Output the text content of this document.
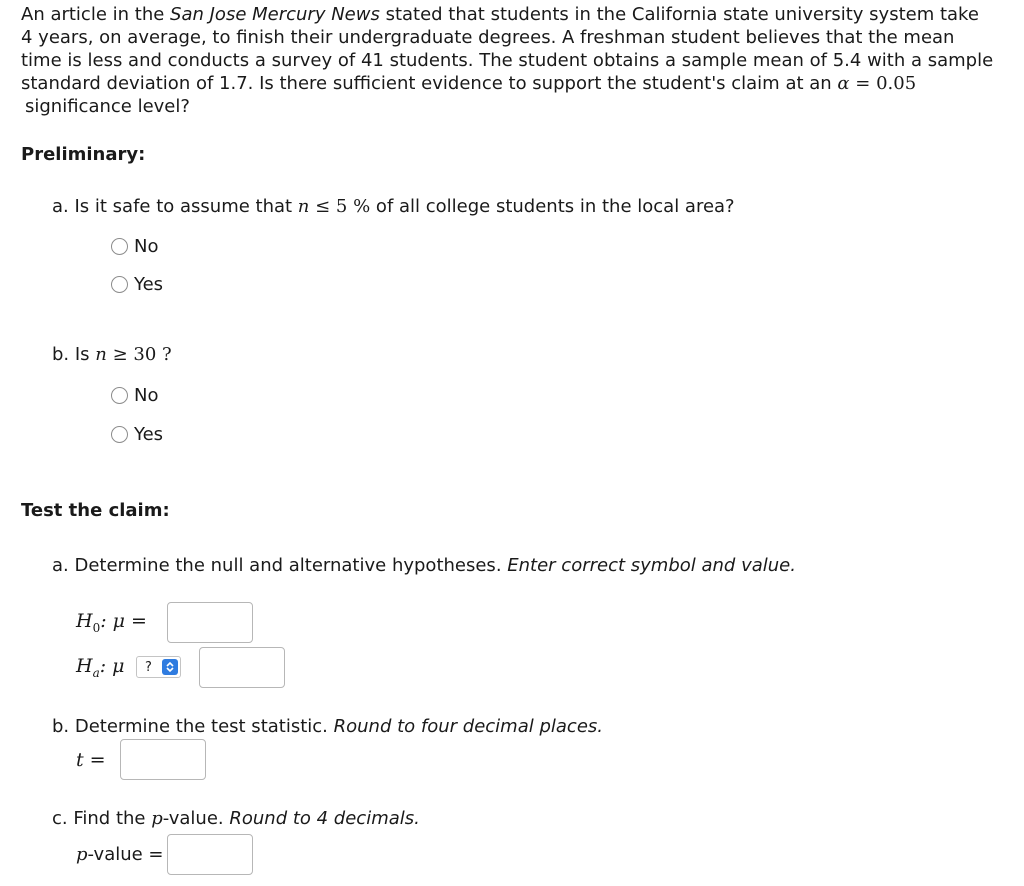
An article in the San Jose Mercury News stated that students in the California state university system take
4 years, on average, to finish their undergraduate degrees. A freshman student believes that the mean
time is less and conducts a survey of 41 students. The student obtains a sample mean of 5.4 with a sample
standard deviation of 1.7. Is there sufficient evidence to support the student's claim at an α = 0.05
significance level?
Preliminary:
a. Is it safe to assume that n ≤ 5 % of all college students in the local area?
No
Yes
b. Is n ≥ 30 ?
No
Yes
Test the claim:
a. Determine the null and alternative hypotheses. Enter correct symbol and value.
$H_0$: μ =
$H_a$: μ	?
b. Determine the test statistic. Round to four decimal places.
t =
c. Find the p-value. Round to 4 decimals.
p-value =
